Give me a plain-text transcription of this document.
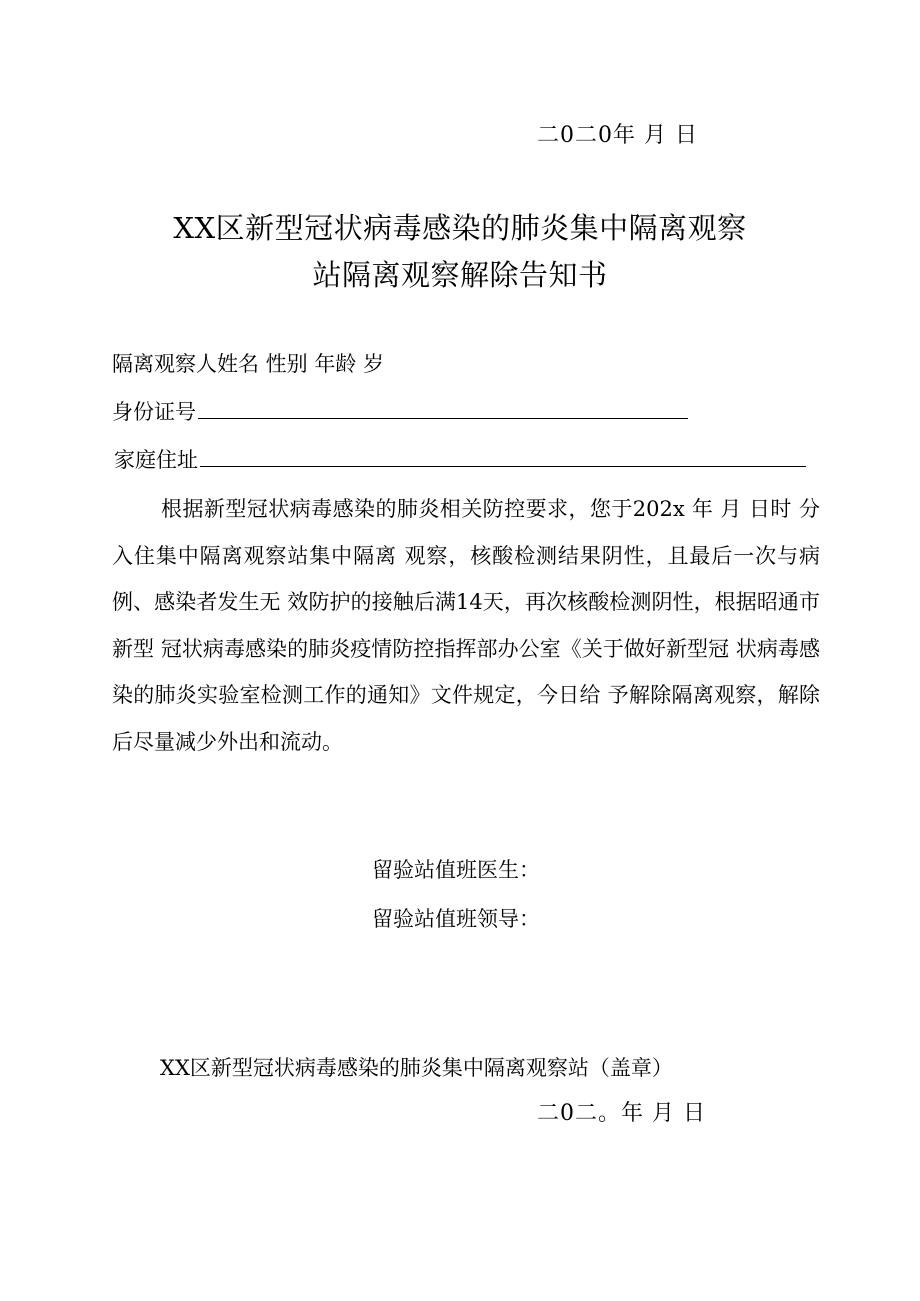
二0二0年 月 日
XX区新型冠状病毒感染的肺炎集中隔离观察
站隔离观察解除告知书
隔离观察人姓名 性别 年龄 岁
身份证号
家庭住址
根据新型冠状病毒感染的肺炎相关防控要求，您于202x 年 月 日时 分入住集中隔离观察站集中隔离 观察，核酸检测结果阴性，且最后一次与病例、感染者发生无 效防护的接触后满14天，再次核酸检测阴性，根据昭通市新型 冠状病毒感染的肺炎疫情防控指挥部办公室《关于做好新型冠 状病毒感染的肺炎实验室检测工作的通知》文件规定，今日给 予解除隔离观察，解除后尽量减少外出和流动。
留验站值班医生：
留验站值班领导：
XX区新型冠状病毒感染的肺炎集中隔离观察站（盖章）
二0二。年 月 日
